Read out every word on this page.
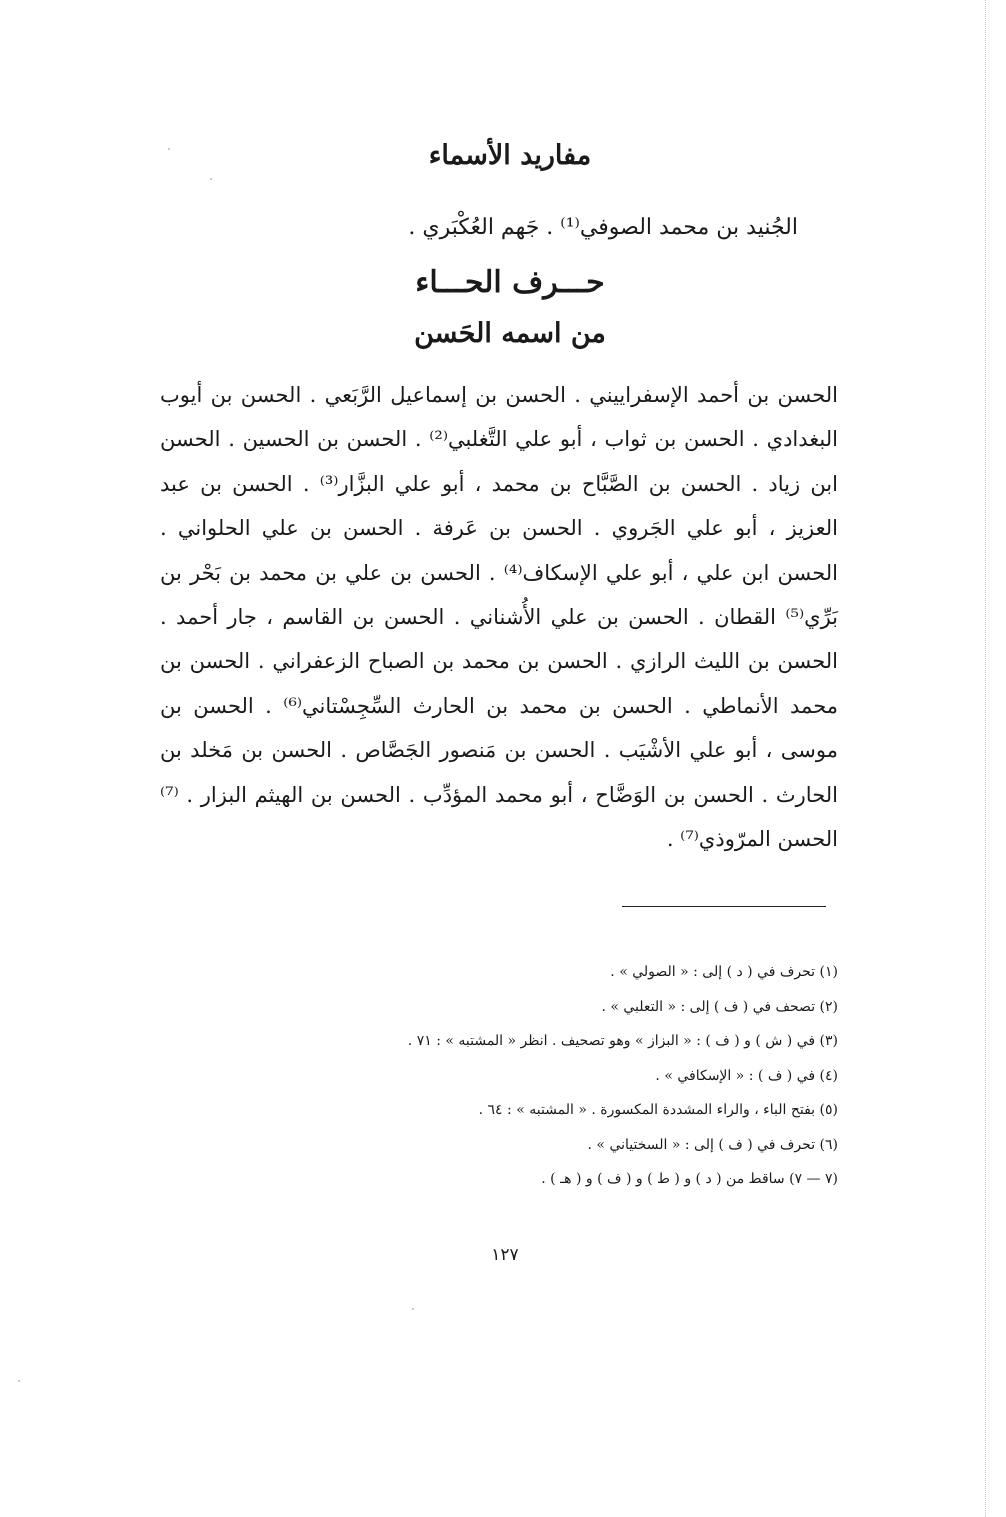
مفاريد الأسماء
الجُنيد بن محمد الصوفي⁽¹⁾ . جَهم العُكْبَري .
حـــرف الحـــاء
من اسمه الحَسن
الحسن بن أحمد الإسفراييني . الحسن بن إسماعيل الرَّبَعي . الحسن بن أيوب البغدادي . الحسن بن ثواب ، أبو علي التَّغلبي⁽²⁾ . الحسن بن الحسين . الحسن ابن زياد . الحسن بن الصَّبَّاح بن محمد ، أبو علي البزَّار⁽³⁾ . الحسن بن عبد العزيز ، أبو علي الجَروي . الحسن بن عَرفة . الحسن بن علي الحلواني . الحسن ابن علي ، أبو علي الإسكاف⁽⁴⁾ . الحسن بن علي بن محمد بن بَحْر بن بَرِّي⁽⁵⁾ القطان . الحسن بن علي الأُشناني . الحسن بن القاسم ، جار أحمد . الحسن بن الليث الرازي . الحسن بن محمد بن الصباح الزعفراني . الحسن بن محمد الأنماطي . الحسن بن محمد بن الحارث السِّجِسْتاني⁽⁶⁾ . الحسن بن موسى ، أبو علي الأشْيَب . الحسن بن مَنصور الجَصَّاص . الحسن بن مَخلد بن الحارث . الحسن بن الوَضَّاح ، أبو محمد المؤدِّب . الحسن بن الهيثم البزار . ⁽⁷⁾الحسن المرّوذي⁽⁷⁾ .

(١) تحرف في ( د ) إلى : « الصولي » .

(٢) تصحف في ( ف ) إلى : « التعلبي » .

(٣) في ( ش ) و ( ف ) : « البزاز » وهو تصحيف . انظر « المشتبه » : ٧١ .

(٤) في ( ف ) : « الإسكافي » .

(٥) بفتح الباء ، والراء المشددة المكسورة . « المشتبه » : ٦٤ .

(٦) تحرف في ( ف ) إلى : « السختياني » .

(٧ — ٧) ساقط من ( د ) و ( ط ) و ( ف ) و ( هـ ) .

١٢٧
